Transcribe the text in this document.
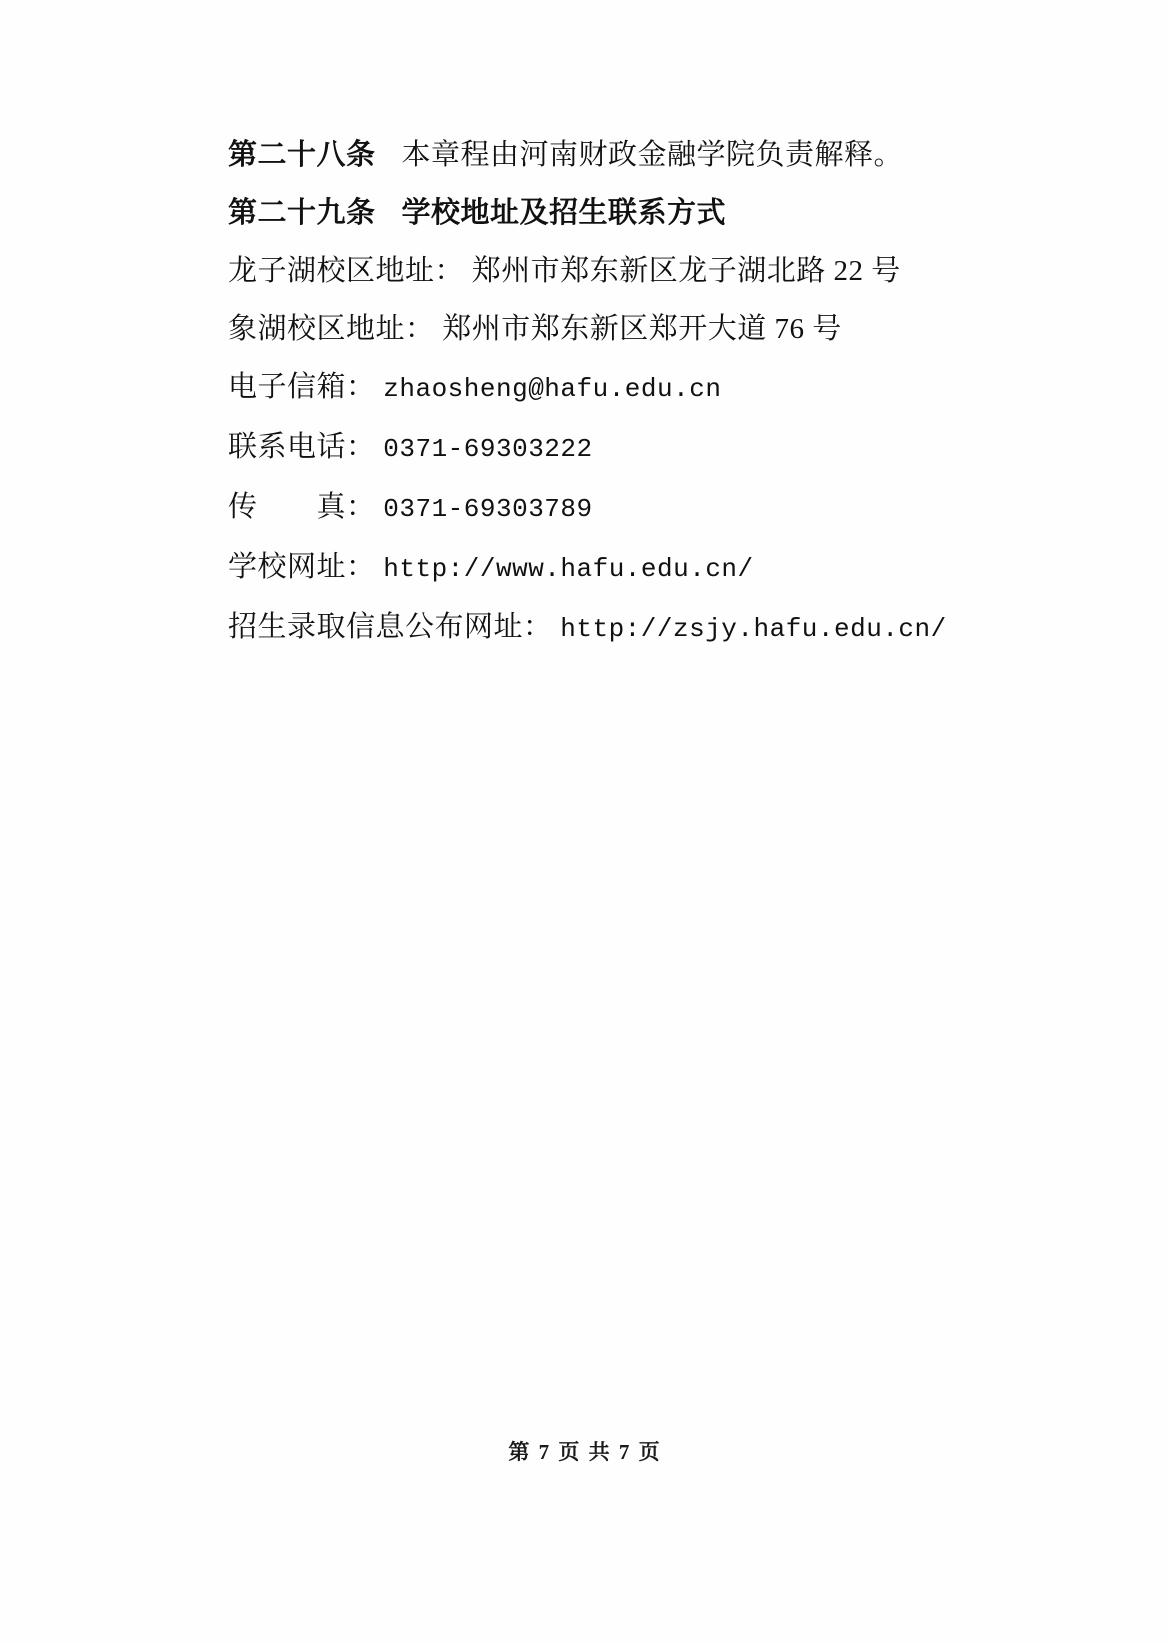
第二十八条 本章程由河南财政金融学院负责解释。
第二十九条 学校地址及招生联系方式
龙子湖校区地址： 郑州市郑东新区龙子湖北路 22 号
象湖校区地址： 郑州市郑东新区郑开大道 76 号
电子信箱： zhaosheng@hafu.edu.cn
联系电话： 0371-69303222
传　　真： 0371-69303789
学校网址： http://www.hafu.edu.cn/
招生录取信息公布网址： http://zsjy.hafu.edu.cn/
第 7 页 共 7 页
